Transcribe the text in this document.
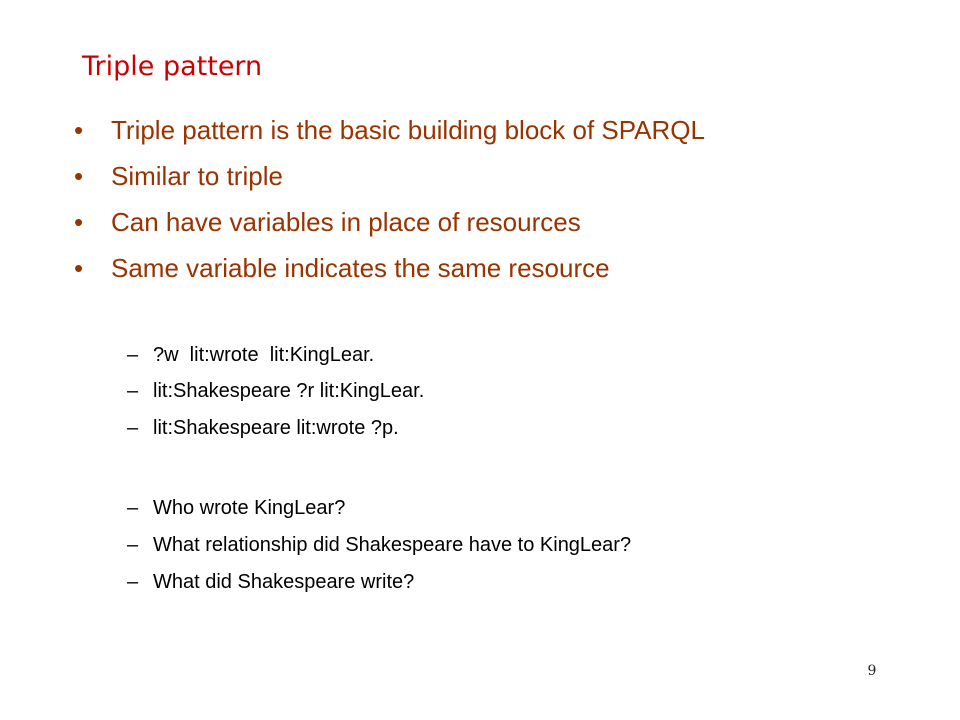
Triple pattern
• Triple pattern is the basic building block of SPARQL
• Similar to triple
• Can have variables in place of resources
• Same variable indicates the same resource
– ?w  lit:wrote  lit:KingLear.
– lit:Shakespeare ?r lit:KingLear.
– lit:Shakespeare lit:wrote ?p.
– Who wrote KingLear?
– What relationship did Shakespeare have to KingLear?
– What did Shakespeare write?
9
